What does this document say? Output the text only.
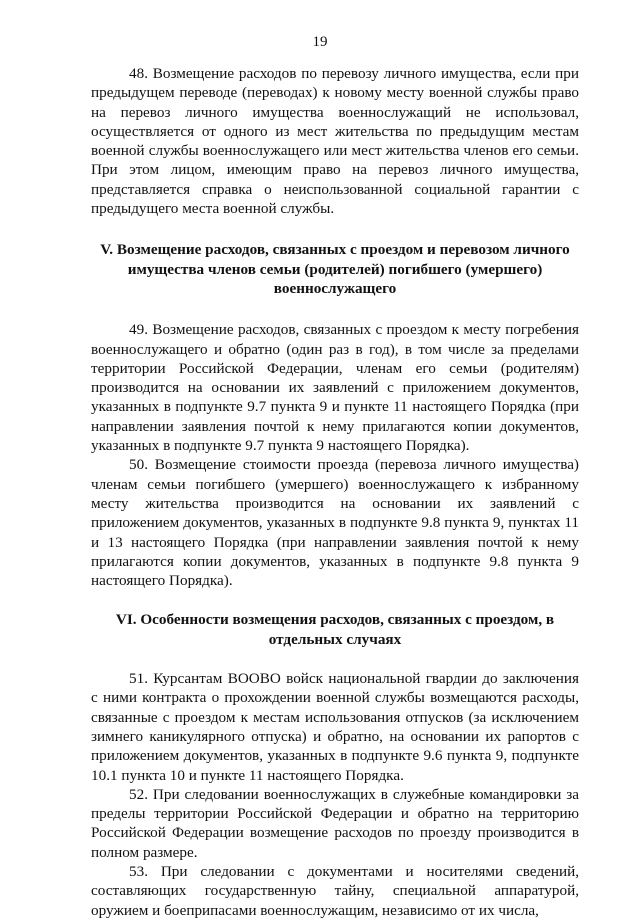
19

48. Возмещение расходов по перевозу личного имущества, если при предыдущем переводе (переводах) к новому месту военной службы право на перевоз личного имущества военнослужащий не использовал, осуществляется от одного из мест жительства по предыдущим местам военной службы военнослужащего или мест жительства членов его семьи. При этом лицом, имеющим право на перевоз личного имущества, представляется справка о неиспользованной социальной гарантии с предыдущего места военной службы.

V. Возмещение расходов, связанных с проездом и перевозом личного имущества членов семьи (родителей) погибшего (умершего) военнослужащего

49. Возмещение расходов, связанных с проездом к месту погребения военнослужащего и обратно (один раз в год), в том числе за пределами территории Российской Федерации, членам его семьи (родителям) производится на основании их заявлений с приложением документов, указанных в подпункте 9.7 пункта 9 и пункте 11 настоящего Порядка (при направлении заявления почтой к нему прилагаются копии документов, указанных в подпункте 9.7 пункта 9 настоящего Порядка).

50. Возмещение стоимости проезда (перевоза личного имущества) членам семьи погибшего (умершего) военнослужащего к избранному месту жительства производится на основании их заявлений с приложением документов, указанных в подпункте 9.8 пункта 9, пунктах 11 и 13 настоящего Порядка (при направлении заявления почтой к нему прилагаются копии документов, указанных в подпункте 9.8 пункта 9 настоящего Порядка).

VI. Особенности возмещения расходов, связанных с проездом, в отдельных случаях

51. Курсантам ВООВО войск национальной гвардии до заключения с ними контракта о прохождении военной службы возмещаются расходы, связанные с проездом к местам использования отпусков (за исключением зимнего каникулярного отпуска) и обратно, на основании их рапортов с приложением документов, указанных в подпункте 9.6 пункта 9, подпункте 10.1 пункта 10 и пункте 11 настоящего Порядка.

52. При следовании военнослужащих в служебные командировки за пределы территории Российской Федерации и обратно на территорию Российской Федерации возмещение расходов по проезду производится в полном размере.

53. При следовании с документами и носителями сведений, составляющих государственную тайну, специальной аппаратурой, оружием и боеприпасами военнослужащим, независимо от их числа,
